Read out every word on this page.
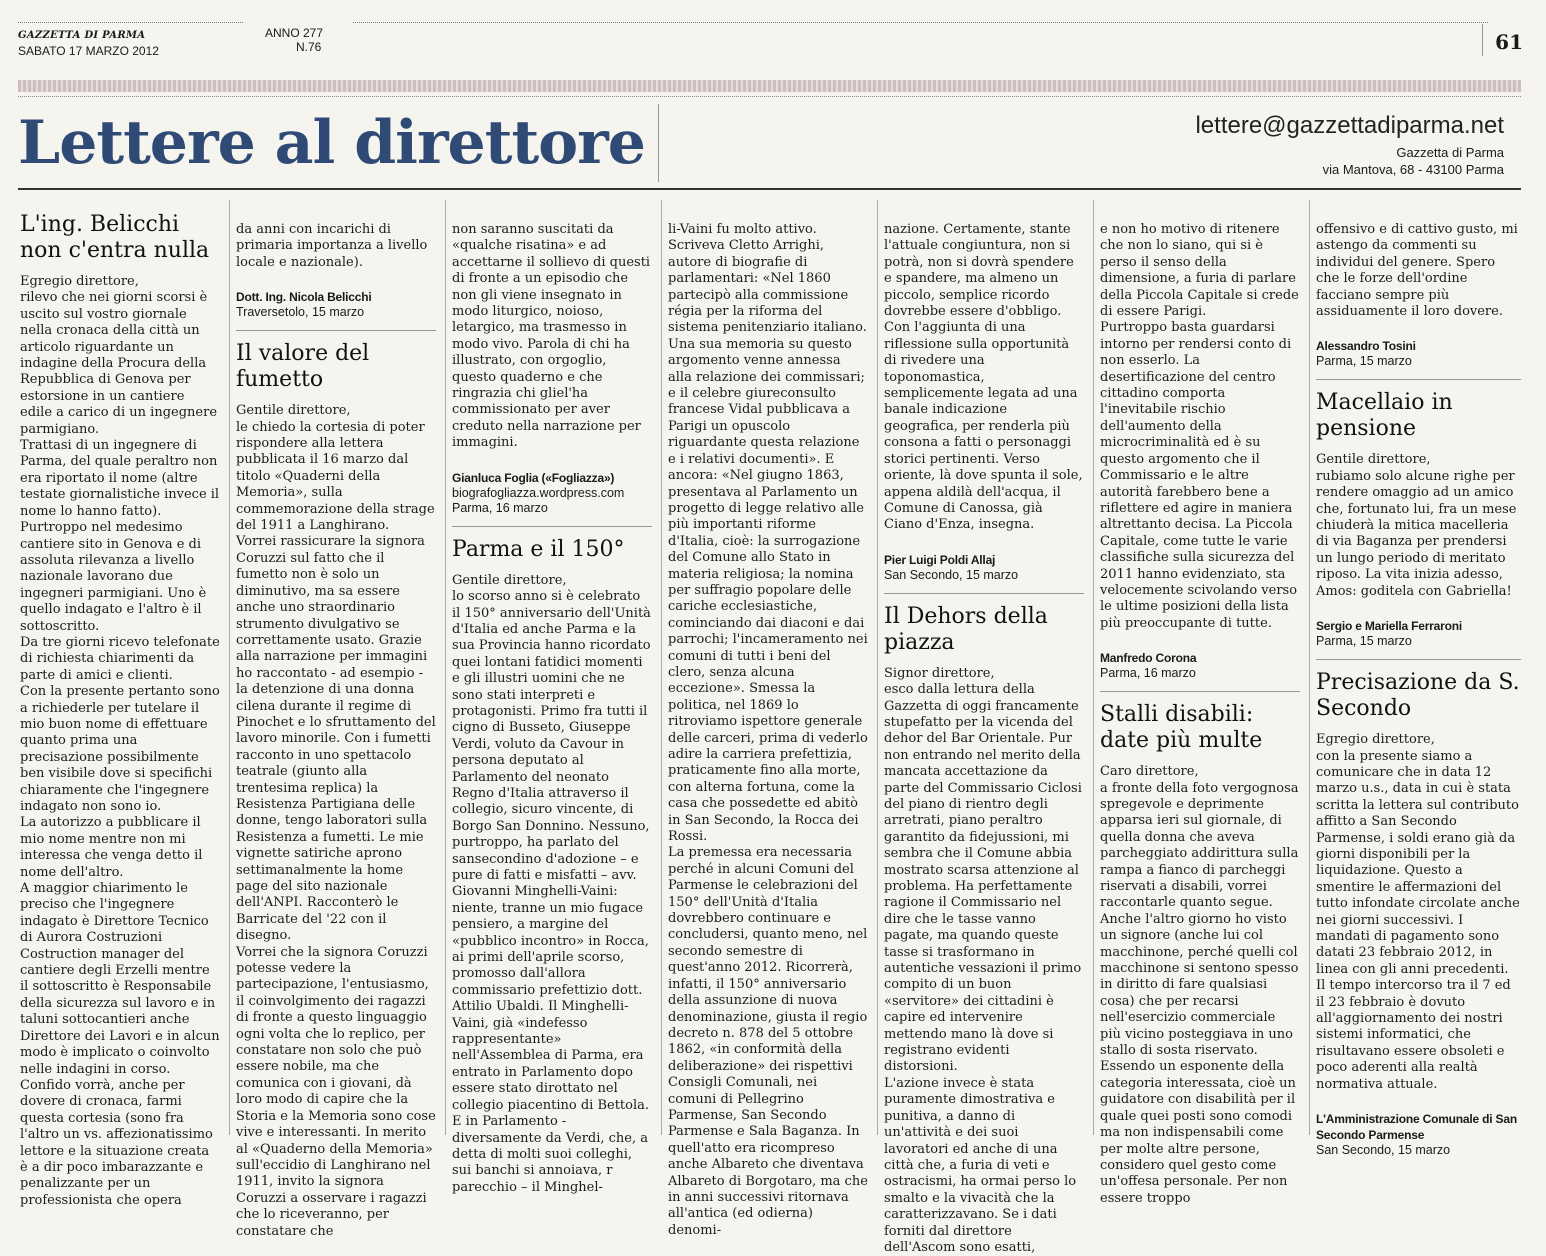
GAZZETTA DI PARMA
SABATO 17 MARZO 2012
ANNO 277
N.76	61
Lettere al direttore	lettere@gazzettadiparma.net
Gazzetta di Parma
via Mantova, 68 - 43100 Parma
L'ing. Belicchi non c'entra nulla
Egregio direttore,
rilevo che nei giorni scorsi è uscito sul vostro giornale nella cronaca della città un articolo riguardante un indagine della Procura della Repubblica di Genova per estorsione in un cantiere edile a carico di un ingegnere parmigiano.
Trattasi di un ingegnere di Parma, del quale peraltro non era riportato il nome (altre testate giornalistiche invece il nome lo hanno fatto).
Purtroppo nel medesimo cantiere sito in Genova e di assoluta rilevanza a livello nazionale lavorano due ingegneri parmigiani. Uno è quello indagato e l'altro è il sottoscritto.
Da tre giorni ricevo telefonate di richiesta chiarimenti da parte di amici e clienti.
Con la presente pertanto sono a richiederle per tutelare il mio buon nome di effettuare quanto prima una precisazione possibilmente ben visibile dove si specifichi chiaramente che l'ingegnere indagato non sono io.
La autorizzo a pubblicare il mio nome mentre non mi interessa che venga detto il nome dell'altro.
A maggior chiarimento le preciso che l'ingegnere indagato è Direttore Tecnico di Aurora Costruzioni Costruction manager del cantiere degli Erzelli mentre il sottoscritto è Responsabile della sicurezza sul lavoro e in taluni sottocantieri anche Direttore dei Lavori e in alcun modo è implicato o coinvolto nelle indagini in corso.
Confido vorrà, anche per dovere di cronaca, farmi questa cortesia (sono fra l'altro un vs. affezionatissimo lettore e la situazione creata è a dir poco imbarazzante e penalizzante per un professionista che opera
da anni con incarichi di primaria importanza a livello locale e nazionale).
Dott. Ing. Nicola Belicchi
Traversetolo, 15 marzo
Il valore del fumetto
Gentile direttore,
le chiedo la cortesia di poter rispondere alla lettera pubblicata il 16 marzo dal titolo «Quaderni della Memoria», sulla commemorazione della strage del 1911 a Langhirano.
Vorrei rassicurare la signora Coruzzi sul fatto che il fumetto non è solo un diminutivo, ma sa essere anche uno straordinario strumento divulgativo se correttamente usato. Grazie alla narrazione per immagini ho raccontato - ad esempio - la detenzione di una donna cilena durante il regime di Pinochet e lo sfruttamento del lavoro minorile. Con i fumetti racconto in uno spettacolo teatrale (giunto alla trentesima replica) la Resistenza Partigiana delle donne, tengo laboratori sulla Resistenza a fumetti. Le mie vignette satiriche aprono settimanalmente la home page del sito nazionale dell'ANPI. Racconterò le Barricate del '22 con il disegno.
Vorrei che la signora Coruzzi potesse vedere la partecipazione, l'entusiasmo, il coinvolgimento dei ragazzi di fronte a questo linguaggio ogni volta che lo replico, per constatare non solo che può essere nobile, ma che comunica con i giovani, dà loro modo di capire che la Storia e la Memoria sono cose vive e interessanti. In merito al «Quaderno della Memoria» sull'eccidio di Langhirano nel 1911, invito la signora Coruzzi a osservare i ragazzi che lo riceveranno, per constatare che
non saranno suscitati da «qualche risatina» e ad accettarne il sollievo di questi di fronte a un episodio che non gli viene insegnato in modo liturgico, noioso, letargico, ma trasmesso in modo vivo. Parola di chi ha illustrato, con orgoglio, questo quaderno e che ringrazia chi gliel'ha commissionato per aver creduto nella narrazione per immagini.
Gianluca Foglia («Fogliazza»)
biografogliazza.wordpress.com
Parma, 16 marzo
Parma e il 150°
Gentile direttore,
lo scorso anno si è celebrato il 150° anniversario dell'Unità d'Italia ed anche Parma e la sua Provincia hanno ricordato quei lontani fatidici momenti e gli illustri uomini che ne sono stati interpreti e protagonisti. Primo fra tutti il cigno di Busseto, Giuseppe Verdi, voluto da Cavour in persona deputato al Parlamento del neonato Regno d'Italia attraverso il collegio, sicuro vincente, di Borgo San Donnino. Nessuno, purtroppo, ha parlato del sansecondino d'adozione – e pure di fatti e misfatti – avv. Giovanni Minghelli-Vaini: niente, tranne un mio fugace pensiero, a margine del «pubblico incontro» in Rocca, ai primi dell'aprile scorso, promosso dall'allora commissario prefettizio dott. Attilio Ubaldi. Il Minghelli-Vaini, già «indefesso rappresentante» nell'Assemblea di Parma, era entrato in Parlamento dopo essere stato dirottato nel collegio piacentino di Bettola. E in Parlamento - diversamente da Verdi, che, a detta di molti suoi colleghi, sui banchi si annoiava, r parecchio – il Minghel-
li-Vaini fu molto attivo. Scriveva Cletto Arrighi, autore di biografie di parlamentari: «Nel 1860 partecipò alla commissione régia per la riforma del sistema penitenziario italiano. Una sua memoria su questo argomento venne annessa alla relazione dei commissari; e il celebre giureconsulto francese Vidal pubblicava a Parigi un opuscolo riguardante questa relazione e i relativi documenti». E ancora: «Nel giugno 1863, presentava al Parlamento un progetto di legge relativo alle più importanti riforme d'Italia, cioè: la surrogazione del Comune allo Stato in materia religiosa; la nomina per suffragio popolare delle cariche ecclesiastiche, cominciando dai diaconi e dai parrochi; l'incameramento nei comuni di tutti i beni del clero, senza alcuna eccezione». Smessa la politica, nel 1869 lo ritroviamo ispettore generale delle carceri, prima di vederlo adire la carriera prefettizia, praticamente fino alla morte, con alterna fortuna, come la casa che possedette ed abitò in San Secondo, la Rocca dei Rossi.
La premessa era necessaria perché in alcuni Comuni del Parmense le celebrazioni del 150° dell'Unità d'Italia dovrebbero continuare e concludersi, quanto meno, nel secondo semestre di quest'anno 2012. Ricorrerà, infatti, il 150° anniversario della assunzione di nuova denominazione, giusta il regio decreto n. 878 del 5 ottobre 1862, «in conformità della deliberazione» dei rispettivi Consigli Comunali, nei comuni di Pellegrino Parmense, San Secondo Parmense e Sala Baganza. In quell'atto era ricompreso anche Albareto che diventava Albareto di Borgotaro, ma che in anni successivi ritornava all'antica (ed odierna) denomi-
nazione. Certamente, stante l'attuale congiuntura, non si potrà, non si dovrà spendere e spandere, ma almeno un piccolo, semplice ricordo dovrebbe essere d'obbligo. Con l'aggiunta di una riflessione sulla opportunità di rivedere una toponomastica, semplicemente legata ad una banale indicazione geografica, per renderla più consona a fatti o personaggi storici pertinenti. Verso oriente, là dove spunta il sole, appena aldilà dell'acqua, il Comune di Canossa, già Ciano d'Enza, insegna.
Pier Luigi Poldi Allaj
San Secondo, 15 marzo
Il Dehors della piazza
Signor direttore,
esco dalla lettura della Gazzetta di oggi francamente stupefatto per la vicenda del dehor del Bar Orientale. Pur non entrando nel merito della mancata accettazione da parte del Commissario Ciclosi del piano di rientro degli arretrati, piano peraltro garantito da fidejussioni, mi sembra che il Comune abbia mostrato scarsa attenzione al problema. Ha perfettamente ragione il Commissario nel dire che le tasse vanno pagate, ma quando queste tasse si trasformano in autentiche vessazioni il primo compito di un buon «servitore» dei cittadini è capire ed intervenire mettendo mano là dove si registrano evidenti distorsioni.
L'azione invece è stata puramente dimostrativa e punitiva, a danno di un'attività e dei suoi lavoratori ed anche di una città che, a furia di veti e ostracismi, ha ormai perso lo smalto e la vivacità che la caratterizzavano. Se i dati forniti dal direttore dell'Ascom sono esatti,
e non ho motivo di ritenere che non lo siano, qui si è perso il senso della dimensione, a furia di parlare della Piccola Capitale si crede di essere Parigi.
Purtroppo basta guardarsi intorno per rendersi conto di non esserlo. La desertificazione del centro cittadino comporta l'inevitabile rischio dell'aumento della microcriminalità ed è su questo argomento che il Commissario e le altre autorità farebbero bene a riflettere ed agire in maniera altrettanto decisa. La Piccola Capitale, come tutte le varie classifiche sulla sicurezza del 2011 hanno evidenziato, sta velocemente scivolando verso le ultime posizioni della lista più preoccupante di tutte.
Manfredo Corona
Parma, 16 marzo
Stalli disabili: date più multe
Caro direttore,
a fronte della foto vergognosa spregevole e deprimente apparsa ieri sul giornale, di quella donna che aveva parcheggiato addirittura sulla rampa a fianco di parcheggi riservati a disabili, vorrei raccontarle quanto segue.
Anche l'altro giorno ho visto un signore (anche lui col macchinone, perché quelli col macchinone si sentono spesso in diritto di fare qualsiasi cosa) che per recarsi nell'esercizio commerciale più vicino posteggiava in uno stallo di sosta riservato.
Essendo un esponente della categoria interessata, cioè un guidatore con disabilità per il quale quei posti sono comodi ma non indispensabili come per molte altre persone, considero quel gesto come un'offesa personale. Per non essere troppo
offensivo e di cattivo gusto, mi astengo da commenti su individui del genere. Spero che le forze dell'ordine facciano sempre più assiduamente il loro dovere.
Alessandro Tosini
Parma, 15 marzo
Macellaio in pensione
Gentile direttore,
rubiamo solo alcune righe per rendere omaggio ad un amico che, fortunato lui, fra un mese chiuderà la mitica macelleria di via Baganza per prendersi un lungo periodo di meritato riposo. La vita inizia adesso, Amos: goditela con Gabriella!
Sergio e Mariella Ferraroni
Parma, 15 marzo
Precisazione da S. Secondo
Egregio direttore,
con la presente siamo a comunicare che in data 12 marzo u.s., data in cui è stata scritta la lettera sul contributo affitto a San Secondo Parmense, i soldi erano già da giorni disponibili per la liquidazione. Questo a smentire le affermazioni del tutto infondate circolate anche nei giorni successivi. I mandati di pagamento sono datati 23 febbraio 2012, in linea con gli anni precedenti.
Il tempo intercorso tra il 7 ed il 23 febbraio è dovuto all'aggiornamento dei nostri sistemi informatici, che risultavano essere obsoleti e poco aderenti alla realtà normativa attuale.
L'Amministrazione Comunale di San Secondo Parmense
San Secondo, 15 marzo
